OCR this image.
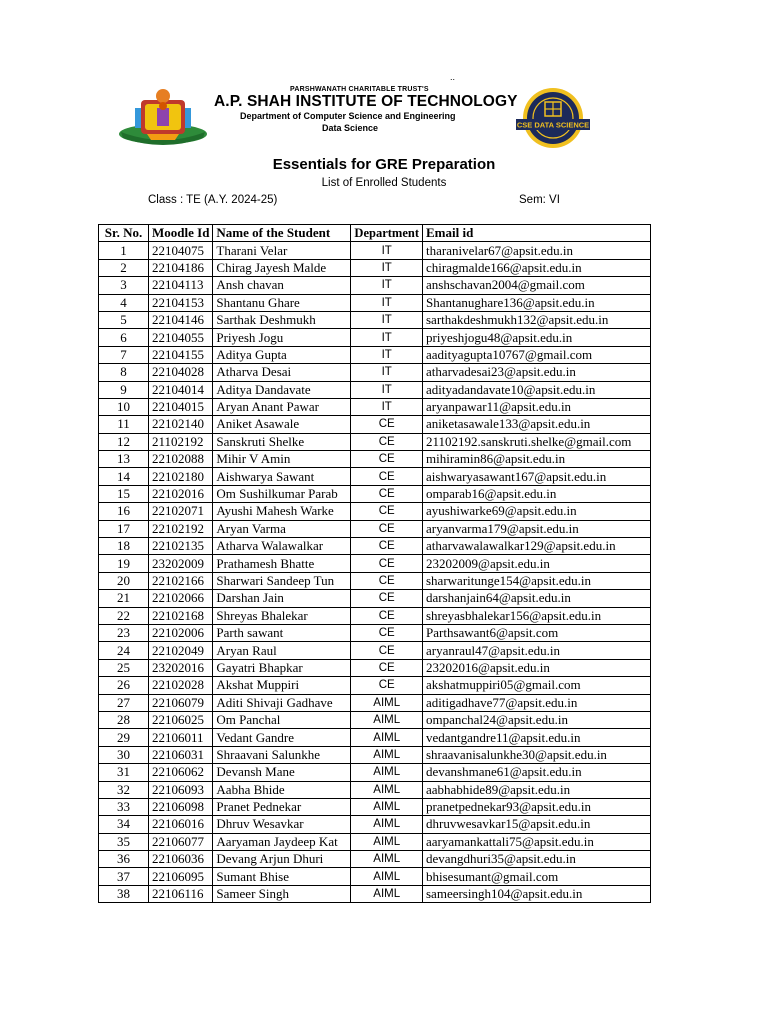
..
PARSHWANATH CHARITABLE TRUST'S
A.P. SHAH INSTITUTE OF TECHNOLOGY
Department of Computer Science and Engineering
Data Science	CSE DATA SCIENCE
Essentials for GRE Preparation
List of Enrolled Students
Class : TE (A.Y. 2024-25)	Sem: VI
Sr. No.	Moodle Id	Name of the Student	Department	Email id
1	22104075	Tharani Velar	IT	tharanivelar67@apsit.edu.in
2	22104186	Chirag Jayesh Malde	IT	chiragmalde166@apsit.edu.in
3	22104113	Ansh chavan	IT	anshschavan2004@gmail.com
4	22104153	Shantanu Ghare	IT	Shantanughare136@apsit.edu.in
5	22104146	Sarthak Deshmukh	IT	sarthakdeshmukh132@apsit.edu.in
6	22104055	Priyesh Jogu	IT	priyeshjogu48@apsit.edu.in
7	22104155	Aditya Gupta	IT	aadityagupta10767@gmail.com
8	22104028	Atharva Desai	IT	atharvadesai23@apsit.edu.in
9	22104014	Aditya Dandavate	IT	adityadandavate10@apsit.edu.in
10	22104015	Aryan Anant Pawar	IT	aryanpawar11@apsit.edu.in
11	22102140	Aniket Asawale	CE	aniketasawale133@apsit.edu.in
12	21102192	Sanskruti Shelke	CE	21102192.sanskruti.shelke@gmail.com
13	22102088	Mihir V Amin	CE	mihiramin86@apsit.edu.in
14	22102180	Aishwarya Sawant	CE	aishwaryasawant167@apsit.edu.in
15	22102016	Om Sushilkumar Parab	CE	omparab16@apsit.edu.in
16	22102071	Ayushi Mahesh Warke	CE	ayushiwarke69@apsit.edu.in
17	22102192	Aryan Varma	CE	aryanvarma179@apsit.edu.in
18	22102135	Atharva Walawalkar	CE	atharvawalawalkar129@apsit.edu.in
19	23202009	Prathamesh Bhatte	CE	23202009@apsit.edu.in
20	22102166	Sharwari Sandeep Tun	CE	sharwaritunge154@apsit.edu.in
21	22102066	Darshan Jain	CE	darshanjain64@apsit.edu.in
22	22102168	Shreyas Bhalekar	CE	shreyasbhalekar156@apsit.edu.in
23	22102006	Parth sawant	CE	Parthsawant6@apsit.com
24	22102049	Aryan Raul	CE	aryanraul47@apsit.edu.in
25	23202016	Gayatri Bhapkar	CE	23202016@apsit.edu.in
26	22102028	Akshat Muppiri	CE	akshatmuppiri05@gmail.com
27	22106079	Aditi Shivaji Gadhave	AIML	aditigadhave77@apsit.edu.in
28	22106025	Om Panchal	AIML	ompanchal24@apsit.edu.in
29	22106011	Vedant Gandre	AIML	vedantgandre11@apsit.edu.in
30	22106031	Shraavani Salunkhe	AIML	shraavanisalunkhe30@apsit.edu.in
31	22106062	Devansh Mane	AIML	devanshmane61@apsit.edu.in
32	22106093	Aabha Bhide	AIML	aabhabhide89@apsit.edu.in
33	22106098	Pranet Pednekar	AIML	pranetpednekar93@apsit.edu.in
34	22106016	Dhruv Wesavkar	AIML	dhruvwesavkar15@apsit.edu.in
35	22106077	Aaryaman Jaydeep Kat	AIML	aaryamankattali75@apsit.edu.in
36	22106036	Devang Arjun Dhuri	AIML	devangdhuri35@apsit.edu.in
37	22106095	Sumant Bhise	AIML	bhisesumant@gmail.com
38	22106116	Sameer Singh	AIML	sameersingh104@apsit.edu.in
